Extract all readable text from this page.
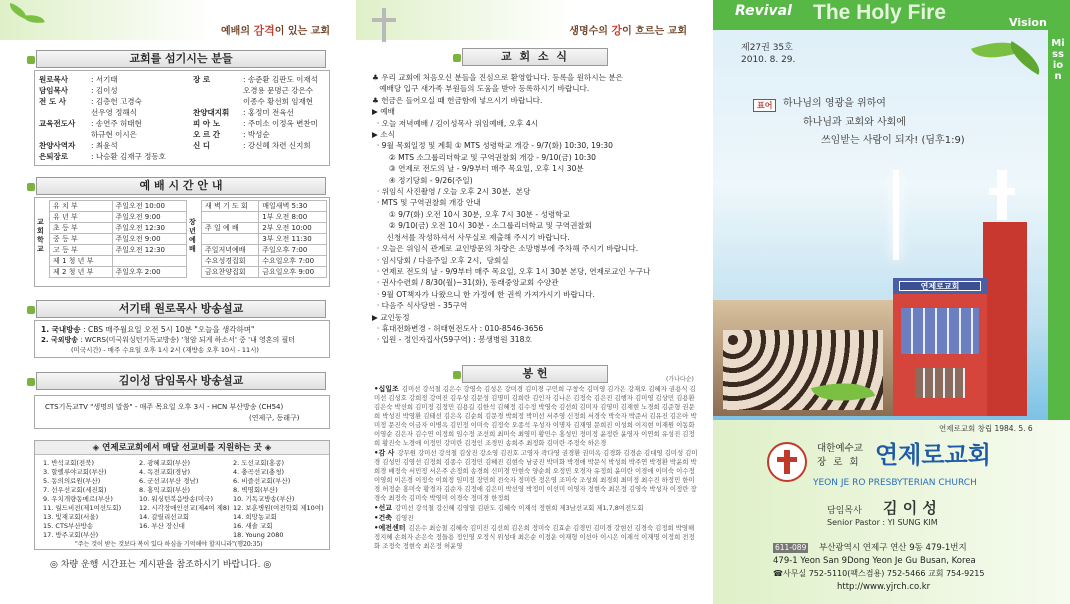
예배의 감격이 있는 교회
교회를 섬기시는 분들
원로목사	: 서기태
담임목사	: 김이성
전 도 사	: 김층헌 고경숙
선우영 정해식
교육전도사 : 송연주 허태현
하규현 이시은
찬양사역자 : 최윤석
은퇴장로	: 나승환 김재구 정동호
장 로	: 송준환 김판도 이재석
오경용 문명근 강은수
이종수 황선희 임재현
찬양대지휘 : 홍정미 전육선
피 아 노	: 주미소 이정옥 변찬미
오 르 간	: 박성순
신 디	: 강신혜 차련 신지희
예 배 시 간 안 내
교회학교
장년예배
유 치 부	주일오전 10:00
유 년 부	주일오전 9:00
초 등 부	주일오전 12:30
중 등 부	주일오전 9:00
고 등 부	주일오전 12:30
제 1 청 년 부	
제 2 청 년 부	주일오후 2:00
새 벽 기 도 회	매일새벽 5:30
	1부 오전 8:00
주 일 예 배	2부 오전 10:00
	3부 오전 11:30
주일저녁예배	주일오후 7:00
수요성경집회	수요일오후 7:00
금요찬양집회	금요일오후 9:00
서기태 원로목사 방송설교
1. 국내방송 : CBS 매주월요일 오전 5시 10분 "오늘을 생각하며"
2. 국외방송 : WCRS(미국워싱턴기독교방송) '청암 되게 하소서' 중 '내 영혼의 필터
(미국시간) - 매주 수요일 오후 1시 2시 (재방송 오후 10시 - 11시)
김이성 담임목사 방송설교
CTS기독교TV "생명의 말씀" - 매주 목요일 오후 3시 - HCN 부산방송 (CH54)
(연제구, 동래구)
◈ 연제로교회에서 매달 선교비를 지원하는 곳 ◈
1. 반석교회(전북)
3. 할렐루야교회(부산)
5. 동의의료원(부산)
7. 선우선교회(세진회)
9. 우치개량동메르(부산)
11. 월드비전(제1여선도회)
13. 빛재교회(서울)
15. CTS부산방송
17. 방주교회(부산)
2. 광혜교회(부산)
4. 독전교회(경남)
6. 군선교(부산 경남)
8. 홍익교회(부산)
10. 워싱턴복음방송(미국)
12. 시각장애인선교(제4여 제8)
14. 갈릴리선교회
16. 부산 장신대
2. 도선교회(홍콩)
4. 충곡선교(충청)
6. 비즐선교회(부산)
8. 벽명회(부산)
10. 기독교방송(부산)
12. 보훈병원(여전학회 제10여)
14. 희망농교회
16. 새솔 교회
18. Young 2080
"주는 것이 받는 것보다 복이 있다 하심을 기억해야 할지니라"(행20:35)
◎ 차량 운행 시간표는 게시판을 참조하시기 바랍니다. ◎
생명수의 강이 흐르는 교회
교 회 소 식
♣ 우리 교회에 처음오신 분들을 진심으로 환영합니다. 등록을 원하시는 분은
예배당 입구 새가족 부원들의 도움을 받아 등록하시기 바랍니다.
♣ 헌금은 들어오실 때 헌금함에 넣으시기 바랍니다.
▶ 예배
· 오늘 저녁예배 / 김이성목사 위임예배, 오후 4시
▶ 소식
· 9월 목회일정 및 계획 ① MTS 성령학교 개강 - 9/7(화) 10:30, 19:30
② MTS 소그룹리더학교 및 구역권찰회 개강 - 9/10(금) 10:30
③ 연제로 전도의 날 - 9/9부터 매주 목요일, 오후 1시 30분
④ 정기당회 - 9/26(주일)
· 위임식 사진촬영 / 오늘 오후 2시 30분,  본당
· MTS 및 구역권찰회 개강 안내
① 9/7(화) 오전 10시 30분, 오후 7시 30분 - 성령학교
② 9/10(금) 오전 10시 30분 - 소그룹리더학교 및 구역권찰회
신청서를 작성하셔서 사무실로 제출해 주시기 바랍니다.
· 오늘은 위임식 관계로 교인방문의 차량은 소망병부에 주차해 주시기 바랍니다.
· 임시당회 / 다음주일 오후 2시,  당회실
· 연제로 전도의 날 - 9/9부터 매주 목요일, 오후 1시 30분 본당, 연제로교인 누구나
· 권사수련회 / 8/30(월)~31(화), 동래중앙교회 수양관
· 9월 OT책자가 나왔으니 한 가정에 한 권씩 가져가시기 바랍니다.
· 다음주 식사당번 - 35구역
▶ 교인동정
· 휴대전화변경 - 허태현전도사 : 010-8546-3656
· 입원 - 정인자집사(59구역) : 봉생병원 318호
봉 헌	(가나다순)
•십일조 김미선 강석철 김은수 강영숙 김성은 강미경 김미경 구민희 구창숙 김미영 김가은 강재오 김혜자 권용식 김미선 김성호 강희정 강여진 김우성 김문성 김명미 김희란 김인자 김나은 김정숙 김은진 김행자 김미영 김상민 김용환 김은숙 박선희 김미정 김정민 김용길 김한석 김혜정 김수정 박영숙 김선희 김미자 김영미 김재현 노경희 김준형 권문희 박성진 박영환 김태선 김은옥 김순희 김문경 박희정 박미선 서주영 신정희 서경숙 박숙자 박준서 김유진 김은아 박미정 문진숙 이금자 이병옥 김민정 이미숙 김정숙 오종석 우성자 이명자 김재영 문희진 이성희 이지현 이재원 이동화 이영순 김은자 김수연 이정희 임수정 조선희 최미숙 최영미 황민수 홍성민 정미정 윤정란 윤영자 이연희 유성진 김정희 황진숙 노경애 이정민 강미란 김정인 조경민 송희주 최정화 김미란 주정숙 하은경
•감 사 강무원 강미선 강석철 김상진 강소영 김진호 고영자 곽다영 권경환 권미옥 김경화 김경순 김대영 김미성 김미경 김성민 김영선 김정희 김종수 김정민 김혜진 김현숙 남궁진 박미화 박경애 박문식 박성희 박주연 박경환 박윤희 박희경 배정숙 서민정 서은주 손정희 송경희 신미경 안현숙 양순희 오정민 오경자 유정희 윤미란 이경애 이미숙 이수정 이영희 이은경 이정숙 이희정 임미정 장민희 전숙자 정미란 정은영 조미숙 조성희 최경희 최미정 최수진 하정민 한미경 허정순 홍미숙 황경자 김순자 김정애 김은미 박선영 박정미 이선미 이영자 정현숙 최은정 김영숙 박성자 이정란 장경숙 최정숙 김미숙 박영미 이경숙 정미경 한정희
•선교 강미선 강석철 강신혜 김영열 김판도 김혜숙 이재석 정현희 제3남선교회 제1,7,8여전도회
•건축 김영진
•예전센터 김은수 최승철 김혜숙 김미진 김선희 김은희 정미숙 김효순 김경민 김미경 강현선 김경숙 김정희 박영해 정지혜 손희자 손은숙 정들용 정인영 오정식 위성대 최은순 이정운 이재형 이선아 이시은 이재석 이재명 이정희 전정화 조정숙 정현숙 최은정 허윤영
Revival The Holy Fire	Vision
Mission
제27권 35호
2010. 8. 29.
표어	하나님의 영광을 위하여
하나님과 교회와 사회에
쓰임받는 사람이 되자! (딤후1:9)
연제로교회
연제로교회 창립 1984. 5. 6
대한예수교
장 로 회 연제로교회
YEON JE RO PRESBYTERIAN CHURCH
담임목사 김 이 성
Senior Pastor : YI SUNG KIM
611-089 부산광역시 연제구 연산 9동 479-1번지
479-1 Yeon San 9Dong Yeon Je Gu Busan, Korea
☎사무실 752-5110(팩스겸용) 752-5466 교회 754-9215
http://www.yjrch.co.kr
